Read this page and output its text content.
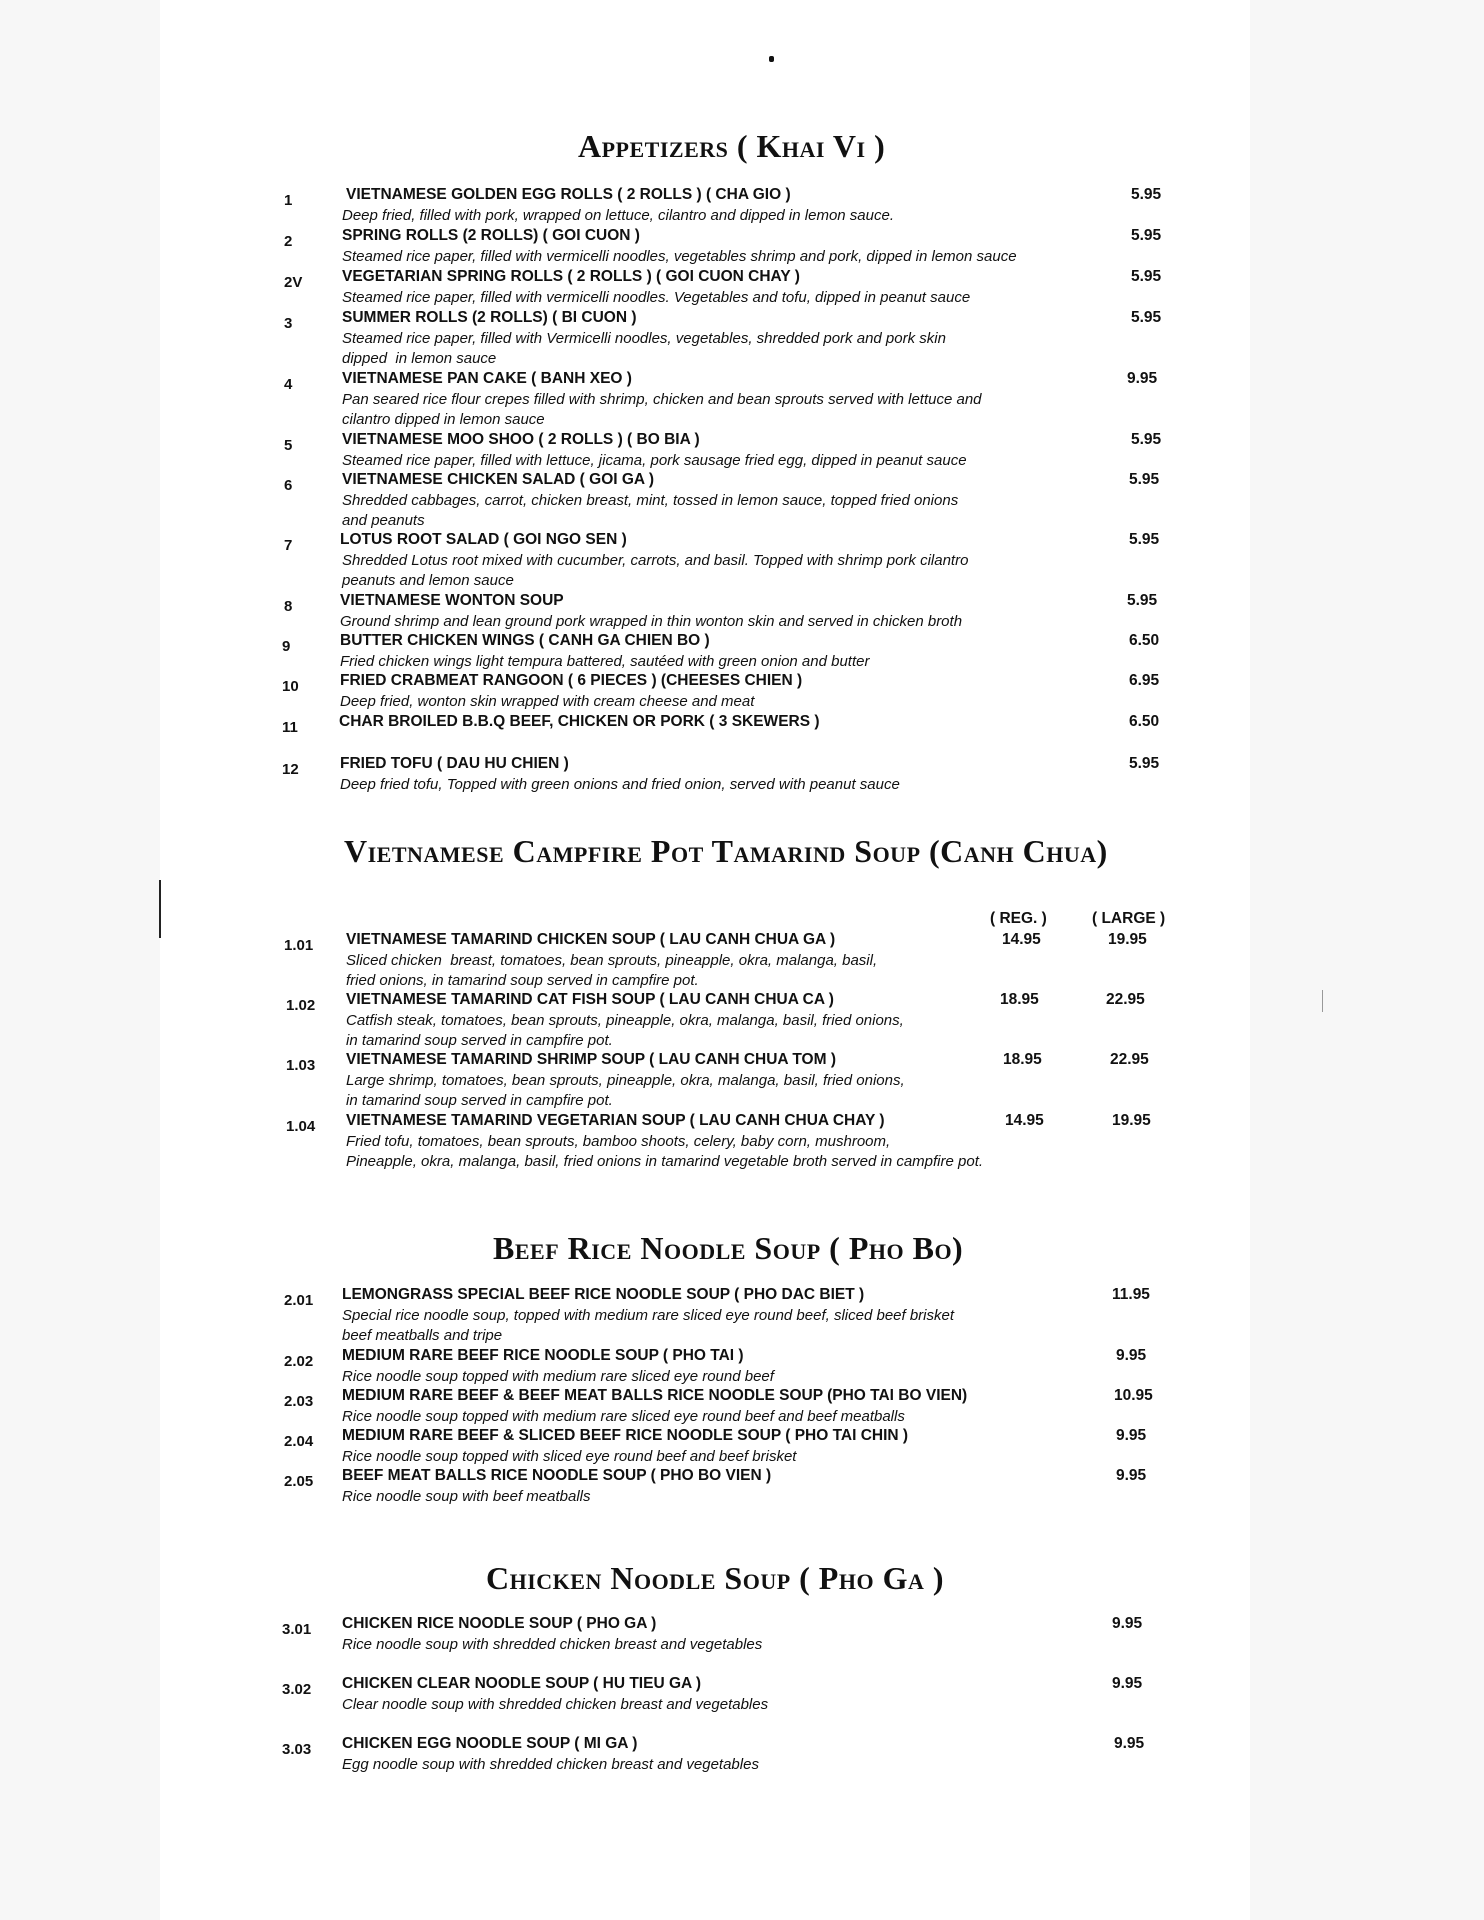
Appetizers ( Khai Vi )
1	VIETNAMESE GOLDEN EGG ROLLS ( 2 ROLLS ) ( CHA GIO )
Deep fried, filled with pork, wrapped on lettuce, cilantro and dipped in lemon sauce.
5.95
2	SPRING ROLLS (2 ROLLS) ( GOI CUON )
Steamed rice paper, filled with vermicelli noodles, vegetables shrimp and pork, dipped in lemon sauce
5.95
2V	VEGETARIAN SPRING ROLLS ( 2 ROLLS ) ( GOI CUON CHAY )
Steamed rice paper, filled with vermicelli noodles. Vegetables and tofu, dipped in peanut sauce
5.95
3	SUMMER ROLLS (2 ROLLS) ( BI CUON )
Steamed rice paper, filled with Vermicelli noodles, vegetables, shredded pork and pork skin
dipped  in lemon sauce
5.95
4	VIETNAMESE PAN CAKE ( BANH XEO )
Pan seared rice flour crepes filled with shrimp, chicken and bean sprouts served with lettuce and
cilantro dipped in lemon sauce
9.95
5	VIETNAMESE MOO SHOO ( 2 ROLLS ) ( BO BIA )
Steamed rice paper, filled with lettuce, jicama, pork sausage fried egg, dipped in peanut sauce
5.95
6	VIETNAMESE CHICKEN SALAD ( GOI GA )
Shredded cabbages, carrot, chicken breast, mint, tossed in lemon sauce, topped fried onions
and peanuts
5.95
7	LOTUS ROOT SALAD ( GOI NGO SEN )
Shredded Lotus root mixed with cucumber, carrots, and basil. Topped with shrimp pork cilantro
peanuts and lemon sauce
5.95
8	VIETNAMESE WONTON SOUP
Ground shrimp and lean ground pork wrapped in thin wonton skin and served in chicken broth
5.95
9	BUTTER CHICKEN WINGS ( CANH GA CHIEN BO )
Fried chicken wings light tempura battered, sautéed with green onion and butter
6.50
10	FRIED CRABMEAT RANGOON ( 6 PIECES ) (CHEESES CHIEN )
Deep fried, wonton skin wrapped with cream cheese and meat
6.95
11	CHAR BROILED B.B.Q BEEF, CHICKEN OR PORK ( 3 SKEWERS )	6.50
12	FRIED TOFU ( DAU HU CHIEN )
Deep fried tofu, Topped with green onions and fried onion, served with peanut sauce
5.95
Vietnamese Campfire Pot Tamarind Soup (Canh Chua)
( REG. )	( LARGE )
1.01 VIETNAMESE TAMARIND CHICKEN SOUP ( LAU CANH CHUA GA )
Sliced chicken  breast, tomatoes, bean sprouts, pineapple, okra, malanga, basil,
fried onions, in tamarind soup served in campfire pot.
14.95	19.95
1.02 VIETNAMESE TAMARIND CAT FISH SOUP ( LAU CANH CHUA CA )
Catfish steak, tomatoes, bean sprouts, pineapple, okra, malanga, basil, fried onions,
in tamarind soup served in campfire pot.
18.95	22.95
1.03 VIETNAMESE TAMARIND SHRIMP SOUP ( LAU CANH CHUA TOM )
Large shrimp, tomatoes, bean sprouts, pineapple, okra, malanga, basil, fried onions,
in tamarind soup served in campfire pot.
18.95	22.95
1.04 VIETNAMESE TAMARIND VEGETARIAN SOUP ( LAU CANH CHUA CHAY )
Fried tofu, tomatoes, bean sprouts, bamboo shoots, celery, baby corn, mushroom,
Pineapple, okra, malanga, basil, fried onions in tamarind vegetable broth served in campfire pot.
14.95	19.95
Beef Rice Noodle Soup ( Pho Bo)
2.01 LEMONGRASS SPECIAL BEEF RICE NOODLE SOUP ( PHO DAC BIET )
Special rice noodle soup, topped with medium rare sliced eye round beef, sliced beef brisket
beef meatballs and tripe
11.95
2.02 MEDIUM RARE BEEF RICE NOODLE SOUP ( PHO TAI )
Rice noodle soup topped with medium rare sliced eye round beef
9.95
2.03 MEDIUM RARE BEEF & BEEF MEAT BALLS RICE NOODLE SOUP (PHO TAI BO VIEN)
Rice noodle soup topped with medium rare sliced eye round beef and beef meatballs
10.95
2.04 MEDIUM RARE BEEF & SLICED BEEF RICE NOODLE SOUP ( PHO TAI CHIN )
Rice noodle soup topped with sliced eye round beef and beef brisket
9.95
2.05 BEEF MEAT BALLS RICE NOODLE SOUP ( PHO BO VIEN )
Rice noodle soup with beef meatballs
9.95
Chicken Noodle Soup ( Pho Ga )
3.01 CHICKEN RICE NOODLE SOUP ( PHO GA )
Rice noodle soup with shredded chicken breast and vegetables
9.95
3.02 CHICKEN CLEAR NOODLE SOUP ( HU TIEU GA )
Clear noodle soup with shredded chicken breast and vegetables
9.95
3.03 CHICKEN EGG NOODLE SOUP ( MI GA )
Egg noodle soup with shredded chicken breast and vegetables
9.95
